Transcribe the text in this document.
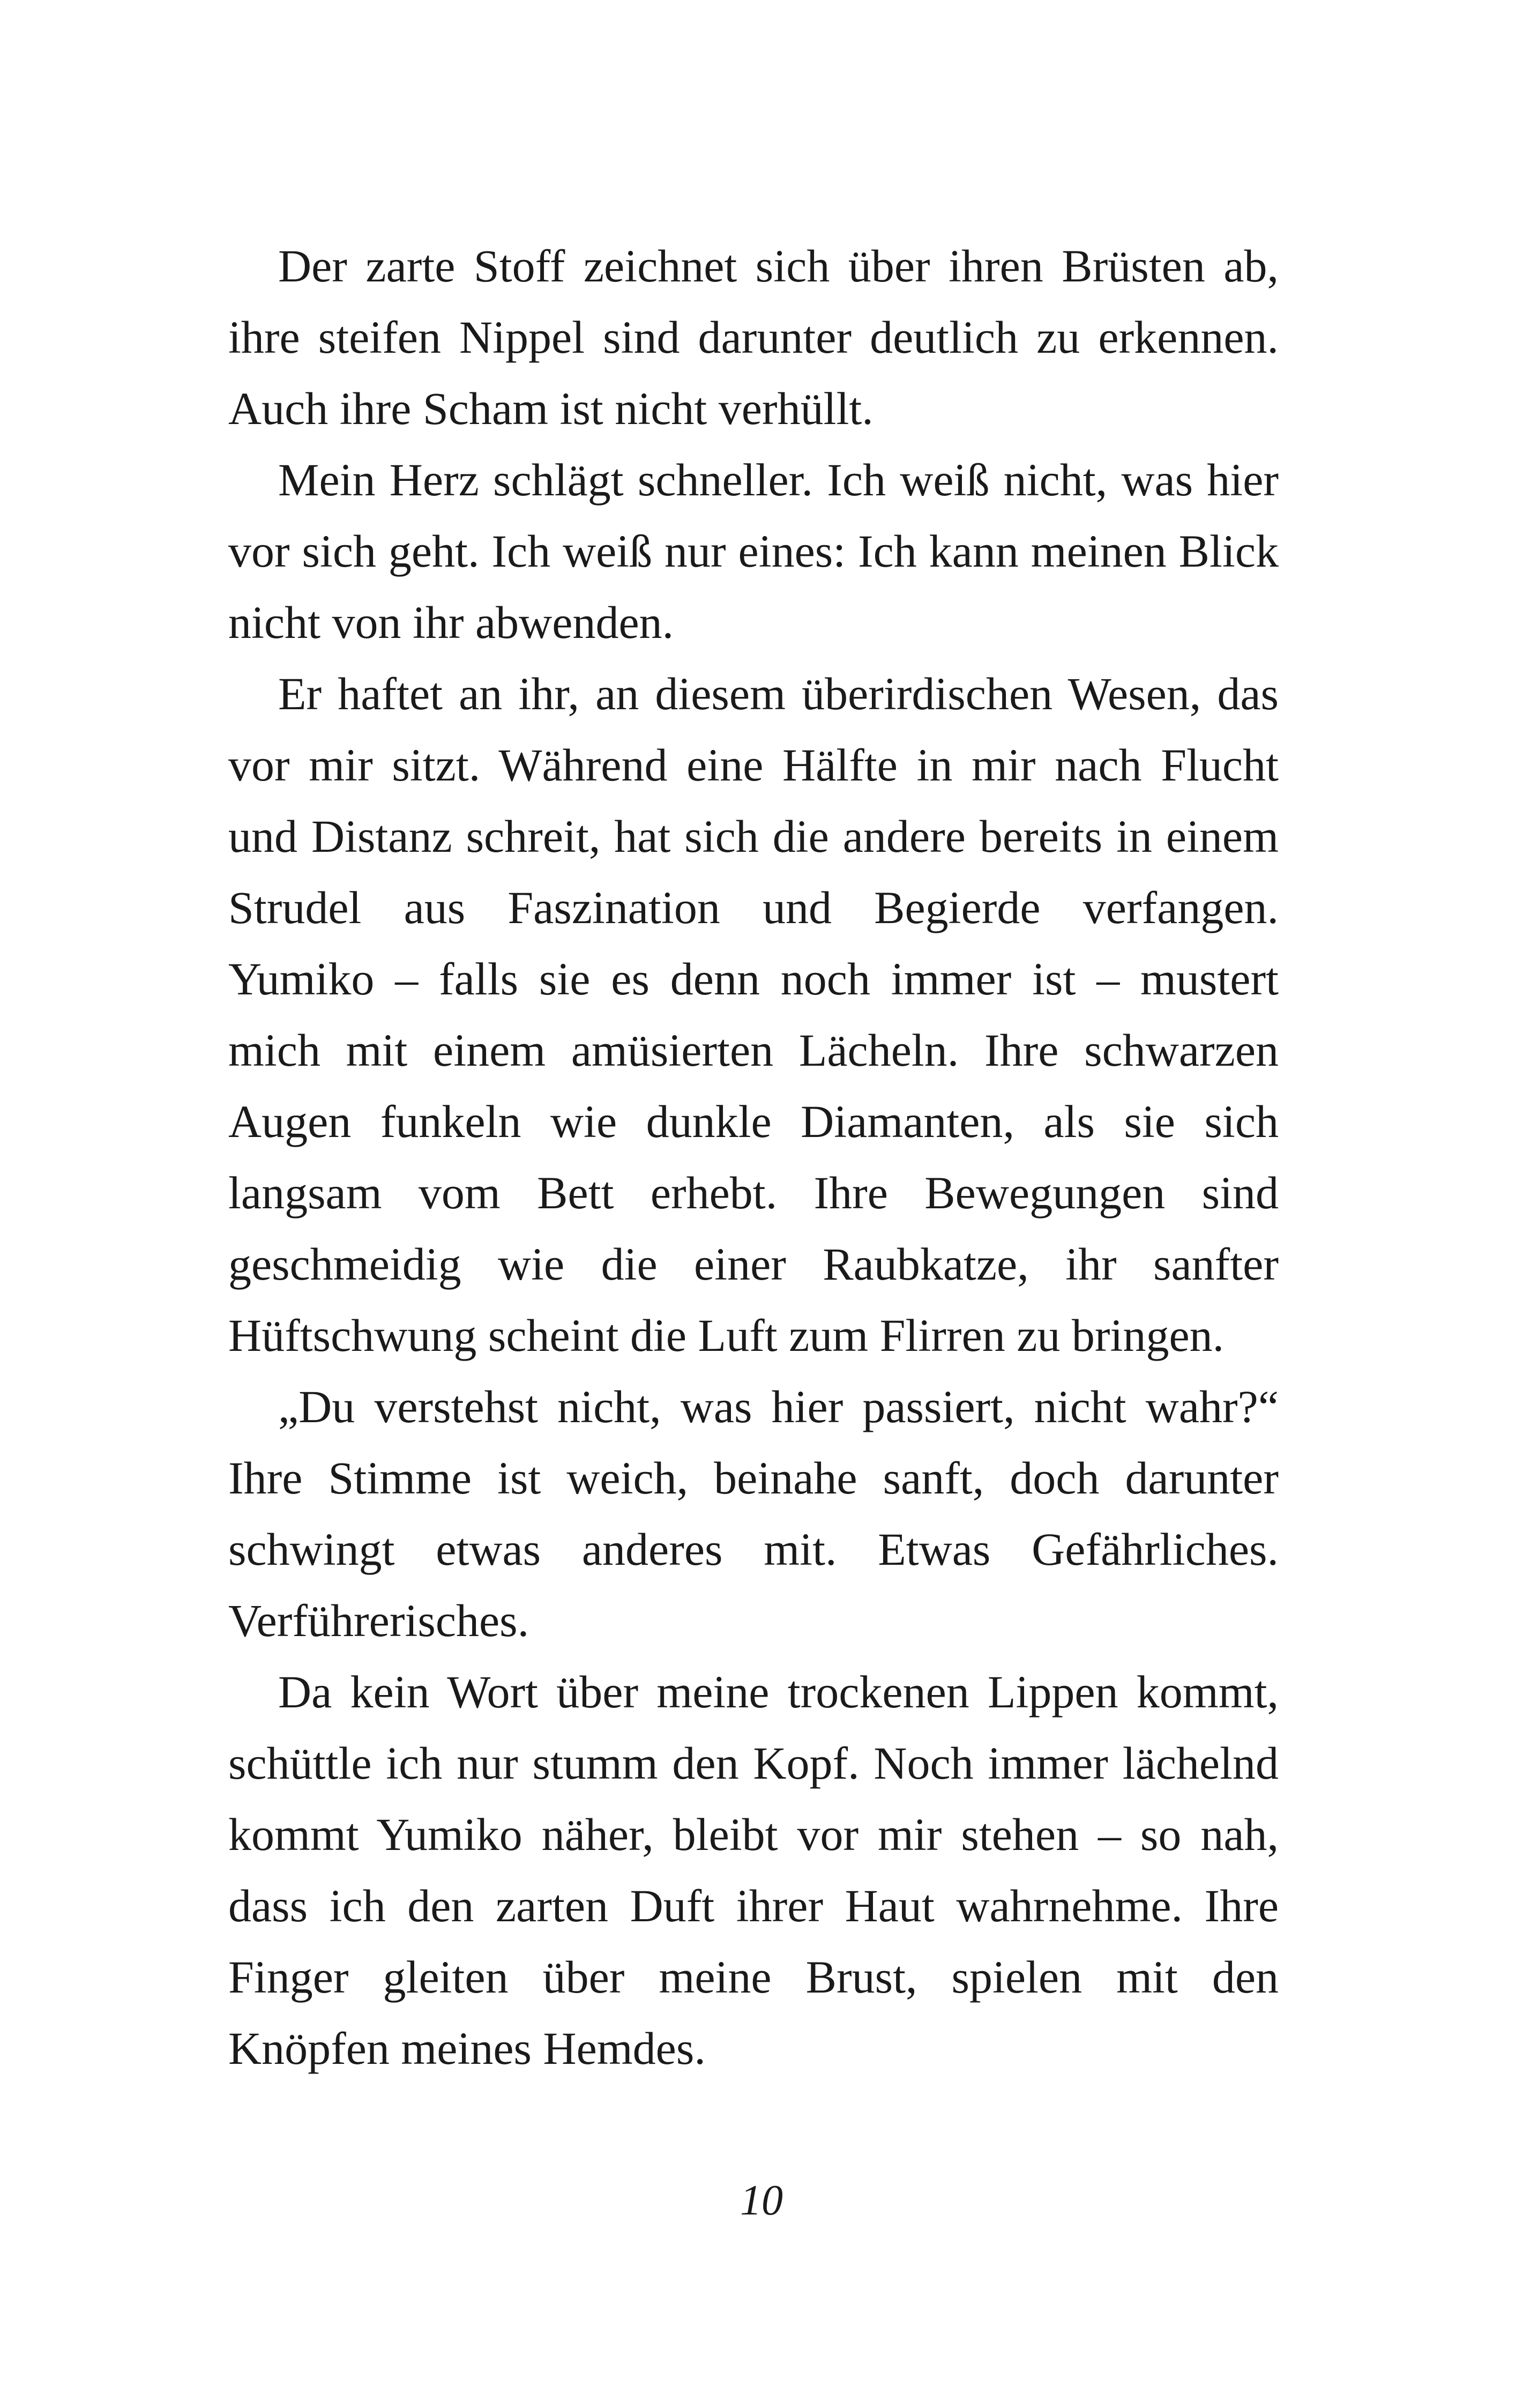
Der zarte Stoff zeichnet sich über ihren Brüsten ab, ihre steifen Nippel sind darunter deutlich zu erkennen. Auch ihre Scham ist nicht verhüllt.

Mein Herz schlägt schneller. Ich weiß nicht, was hier vor sich geht. Ich weiß nur eines: Ich kann meinen Blick nicht von ihr abwenden.

Er haftet an ihr, an diesem überirdischen Wesen, das vor mir sitzt. Während eine Hälfte in mir nach Flucht und Distanz schreit, hat sich die andere bereits in einem Strudel aus Faszination und Begierde verfangen. Yumiko – falls sie es denn noch immer ist – mustert mich mit einem amüsierten Lächeln. Ihre schwarzen Augen funkeln wie dunkle Diamanten, als sie sich langsam vom Bett erhebt. Ihre Bewegungen sind geschmeidig wie die einer Raubkatze, ihr sanfter Hüftschwung scheint die Luft zum Flirren zu bringen.

„Du verstehst nicht, was hier passiert, nicht wahr?“ Ihre Stimme ist weich, beinahe sanft, doch darunter schwingt etwas anderes mit. Etwas Gefährliches. Verführerisches.

Da kein Wort über meine trockenen Lippen kommt, schüttle ich nur stumm den Kopf. Noch immer lächelnd kommt Yumiko näher, bleibt vor mir stehen – so nah, dass ich den zarten Duft ihrer Haut wahrnehme. Ihre Finger gleiten über meine Brust, spielen mit den Knöpfen meines Hemdes.

10
